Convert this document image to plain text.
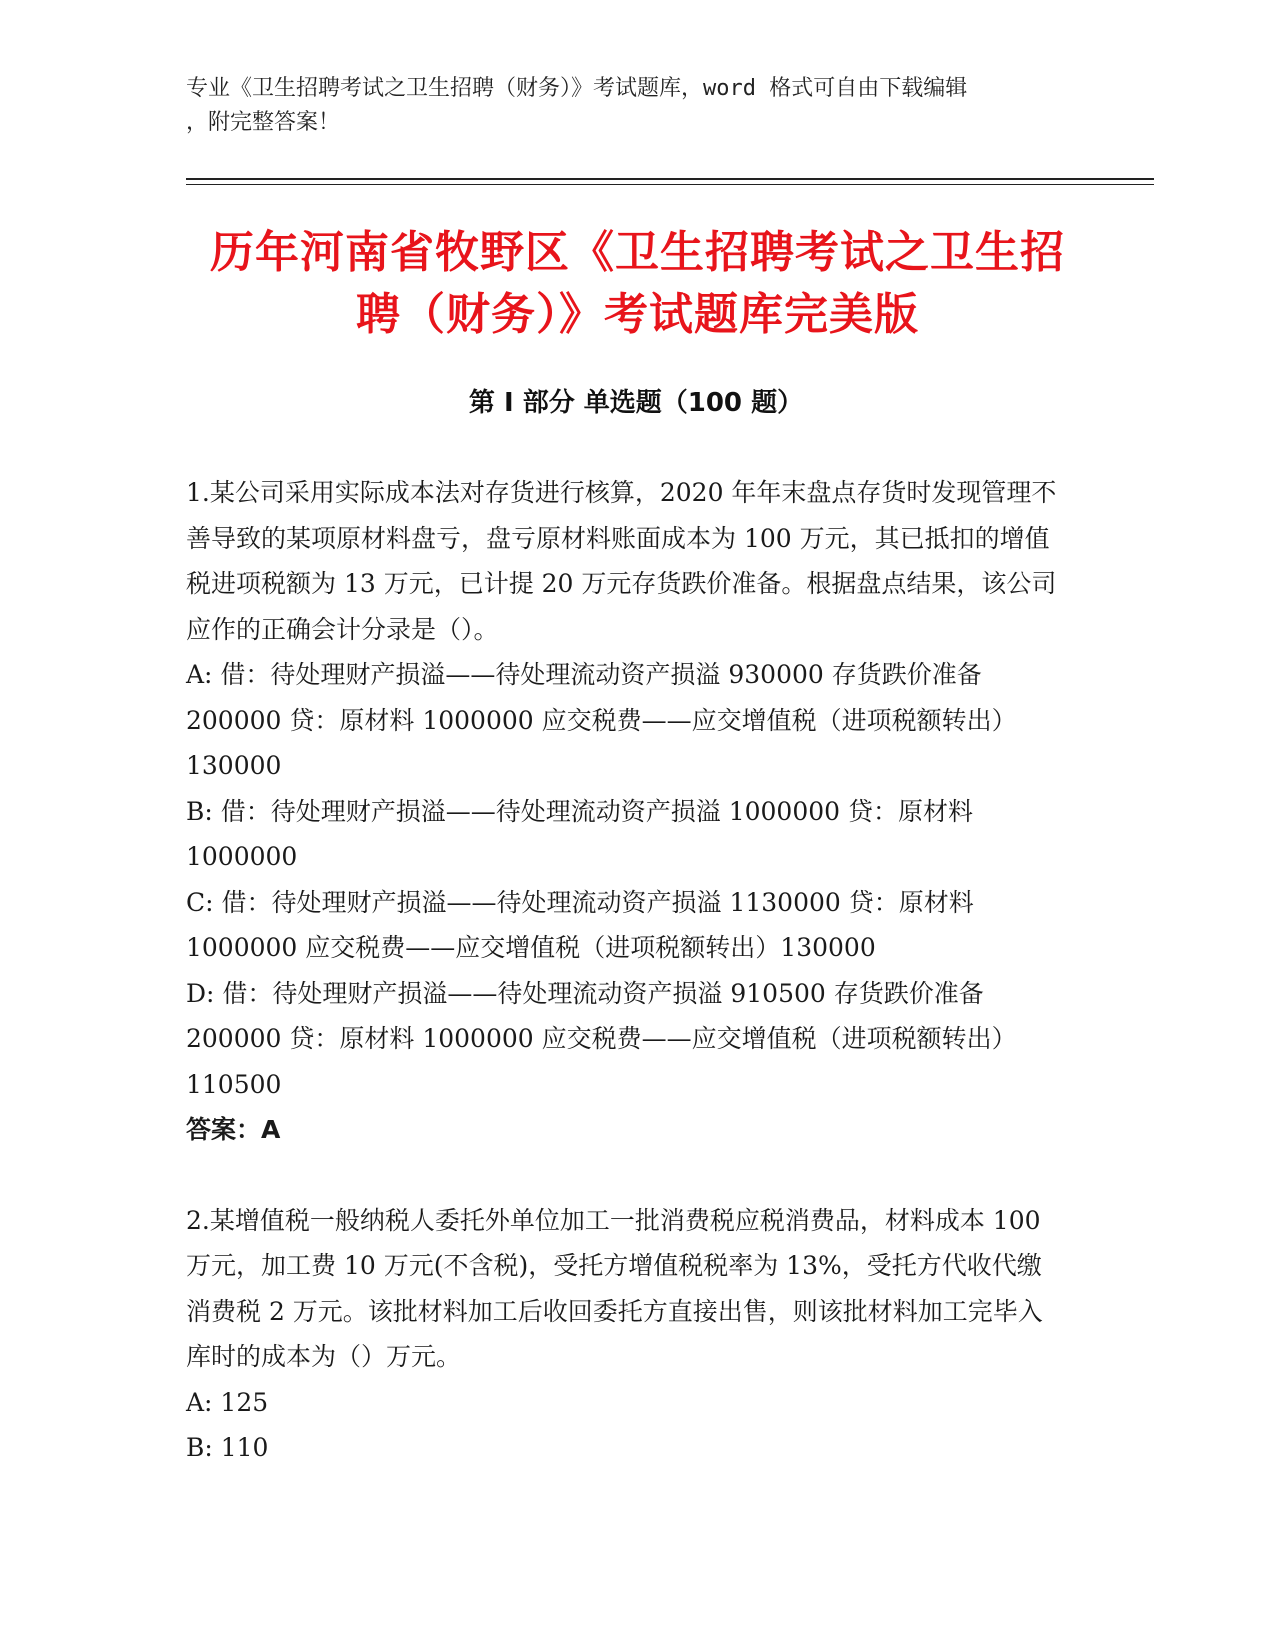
专业《卫生招聘考试之卫生招聘（财务）》考试题库，word 格式可自由下载编辑
，附完整答案！
历年河南省牧野区《卫生招聘考试之卫生招
聘（财务）》考试题库完美版
第 I 部分 单选题（100 题）

1.某公司采用实际成本法对存货进行核算，2020 年年末盘点存货时发现管理不善导致的某项原材料盘亏，盘亏原材料账面成本为 100 万元，其已抵扣的增值税进项税额为 13 万元，已计提 20 万元存货跌价准备。根据盘点结果，该公司应作的正确会计分录是（）。

A: 借：待处理财产损溢——待处理流动资产损溢 930000 存货跌价准备 200000 贷：原材料 1000000 应交税费——应交增值税（进项税额转出）130000

B: 借：待处理财产损溢——待处理流动资产损溢 1000000 贷：原材料 1000000

C: 借：待处理财产损溢——待处理流动资产损溢 1130000 贷：原材料 1000000 应交税费——应交增值税（进项税额转出）130000

D: 借：待处理财产损溢——待处理流动资产损溢 910500 存货跌价准备 200000 贷：原材料 1000000 应交税费——应交增值税（进项税额转出）110500

答案：A

2.某增值税一般纳税人委托外单位加工一批消费税应税消费品，材料成本 100 万元，加工费 10 万元(不含税)，受托方增值税税率为 13%，受托方代收代缴消费税 2 万元。该批材料加工后收回委托方直接出售，则该批材料加工完毕入库时的成本为（）万元。

A: 125

B: 110
